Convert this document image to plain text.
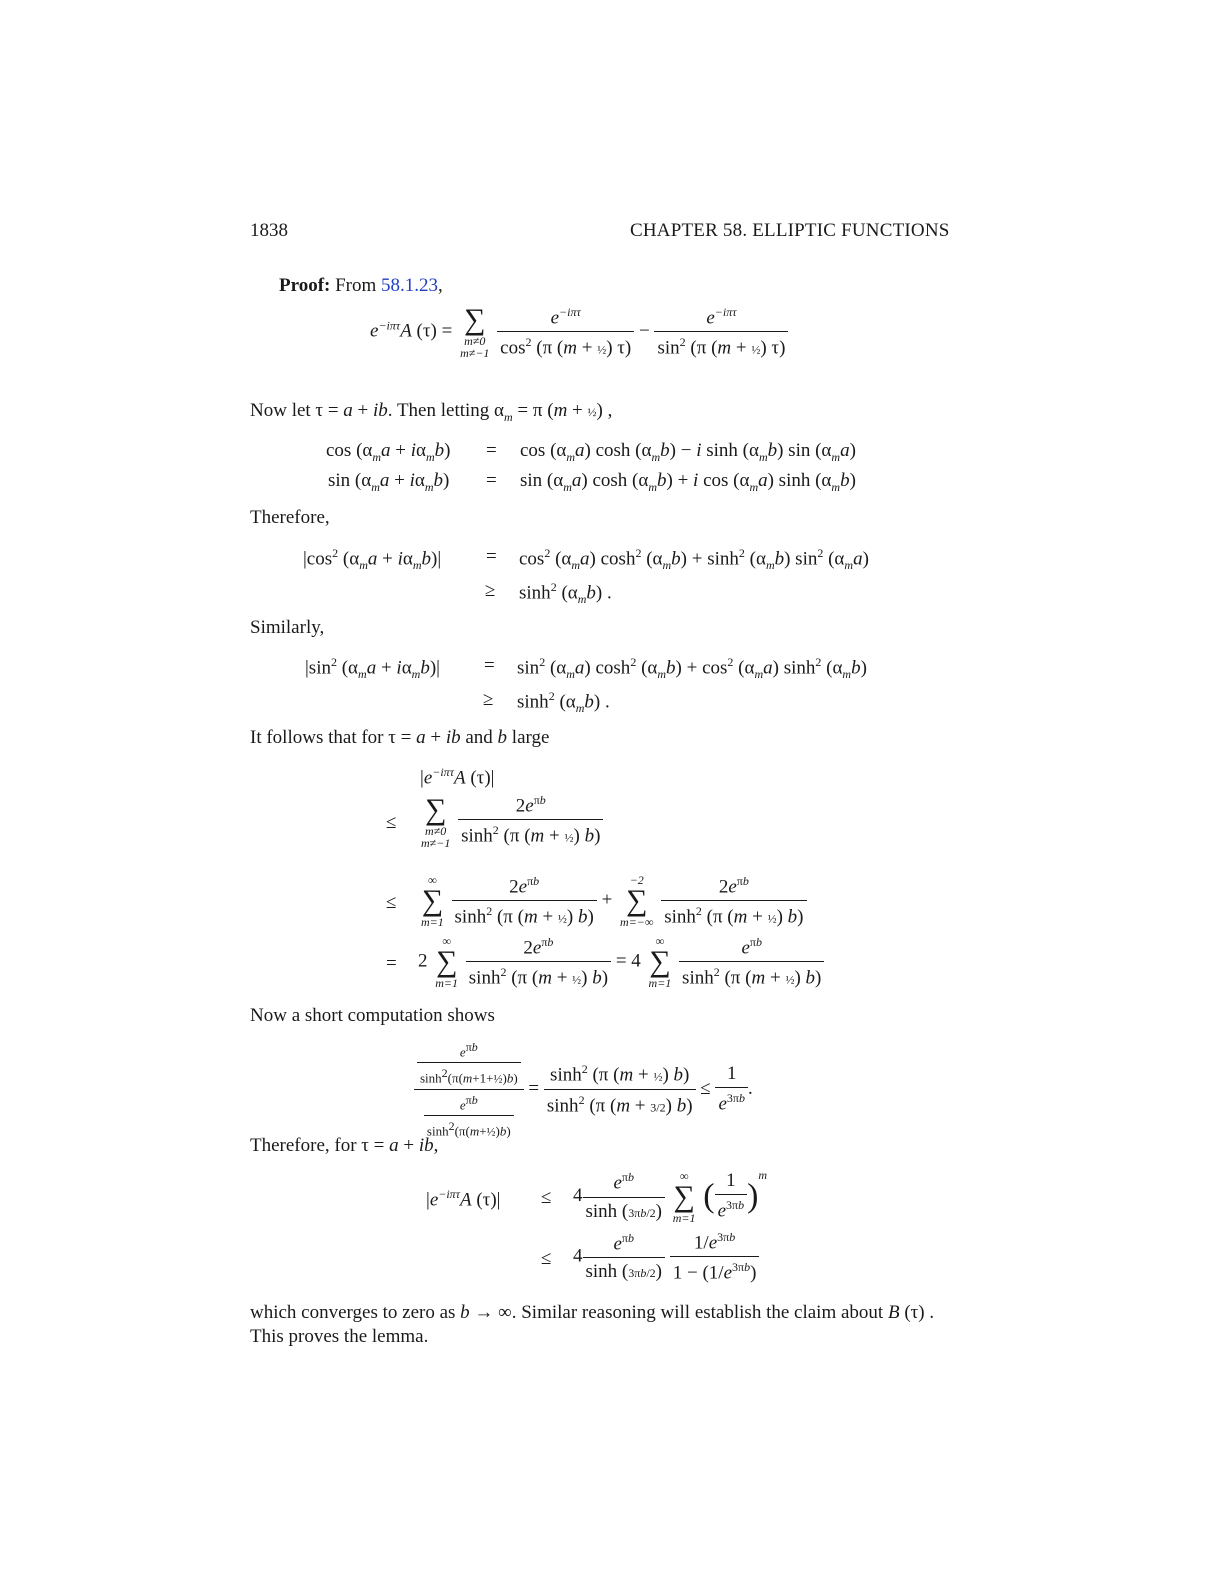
1838	CHAPTER 58. ELLIPTIC FUNCTIONS
Proof: From 58.1.23,
$e^{-i\pi\tau}A$ (τ) = ∑
m≠0
m≠−1
$\frac{e^{-i\pi\tau}}{\cos^2 (\pi (m + \frac{1}{2}) \tau)} - \frac{e^{-i\pi\tau}}{\sin^2 (\pi (m + \frac{1}{2}) \tau)}$
Now let τ = a + ib. Then letting $\alpha_m = \pi$ (m + ½) ,
$\cos (\alpha_ma + i\alpha_mb) = \cos (\alpha_ma)$ $\cosh (\alpha_mb) - i$ $\sinh (\alpha_mb)$ $\sin (\alpha_ma)$
$\sin (\alpha_ma + i\alpha_mb) = \sin (\alpha_ma)$ $\cosh (\alpha_mb) + i$ $\cos (\alpha_ma)$ $\sinh (\alpha_mb)$
Therefore,
$|\cos^2$ $(\alpha_ma + i\alpha_mb)| = \cos^2 (\alpha_ma)$ $\cosh^2 (\alpha_mb) + \sinh^2 (\alpha_mb)$ $\sin^2 (\alpha_ma)$
≥ $\sinh^2 (\alpha_mb)$ .
Similarly,
$|\sin^2$ $(\alpha_ma + i\alpha_mb)| = \sin^2 (\alpha_ma)$ $\cosh^2 (\alpha_mb) + \cos^2 (\alpha_ma)$ $\sinh^2 (\alpha_mb)$
≥ $\sinh^2 (\alpha_mb)$ .
It follows that for τ = a + ib and b large
$|e^{-i\pi\tau}A$ (τ)|
≤ ∑
m≠0
m≠−1
$\frac{2e^{\pi b}}{\sinh^2 (\pi (m + \frac{1}{2}) b)}$
≤
∞
∑
m=1
$\frac{2e^{\pi b}}{\sinh^2 (\pi (m + \frac{1}{2}) b)}$ +
−2
∑
m=−∞
$\frac{2e^{\pi b}}{\sinh^2 (\pi (m + \frac{1}{2}) b)}$
= 2
∞
∑
m=1
$\frac{2e^{\pi b}}{\sinh^2 (\pi (m + \frac{1}{2}) b)} = 4$
∞
∑
m=1
$\frac{e^{\pi b}}{\sinh^2 (\pi (m + \frac{1}{2}) b)}$
Now a short computation shows
$\frac{\frac{e^{\pi b}}{\sinh^2(\pi(m+1+\frac{1}{2})b)}}{\frac{e^{\pi b}}{\sinh^2(\pi(m+\frac{1}{2})b)}} = \frac{\sinh^2 (\pi (m + \frac{1}{2}) b)}{\sinh^2 (\pi (m + 3/2) b)} \le \frac{1}{e^{3\pi b}}$ .
Therefore, for τ = a + ib,
$|e^{-i\pi\tau}A$ $(\tau)| \le 4 \frac{e^{\pi b}}{\sinh (3\pi b/2)}$
	∞
∑
m=1
( $\frac{1}{e^{3\pi b}} )^m$
≤ $4 \frac{e^{\pi b}}{\sinh (3\pi b/2)}$
$\frac{1/e^{3\pi b}}{1 - (1/e^{3\pi b})}$
which converges to zero as b → ∞. Similar reasoning will establish the claim about B (τ) .
This proves the lemma.
